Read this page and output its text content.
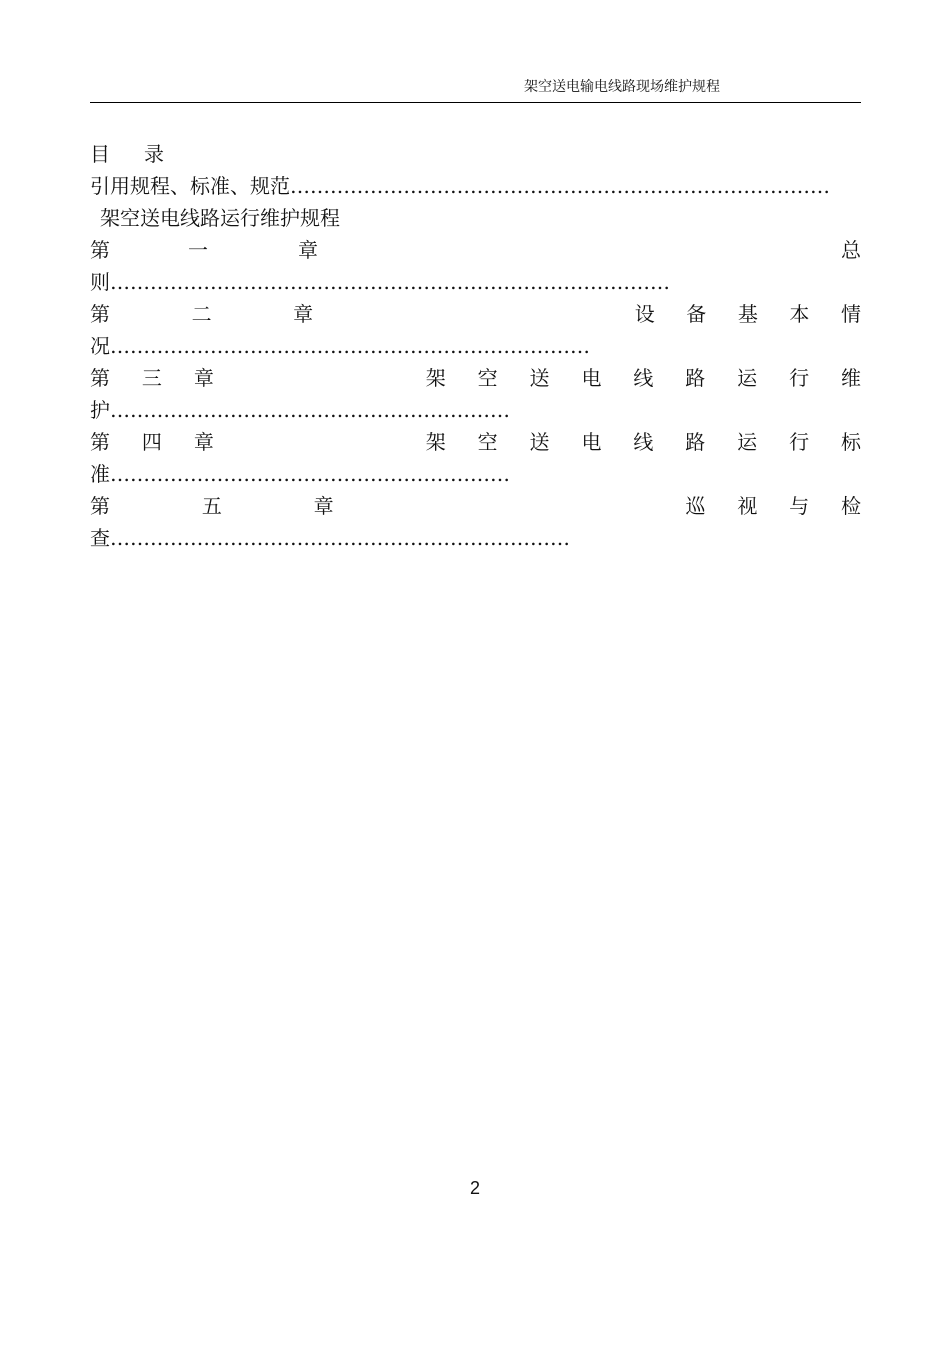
架空送电输电线路现场维护规程
目 录
引用规程、标准、规范………………………………………………………………………
架空送电线路运行维护规程
第	一	章	总
则…………………………………………………………………………
第	二	章	设 备 基 本 情
况………………………………………………………………
第 三 章	架 空 送 电 线 路 运 行 维
护……………………………………………………
第 四 章	架 空 送 电 线 路 运 行 标
准……………………………………………………
第	五	章	巡 视 与 检
查……………………………………………………………
2
